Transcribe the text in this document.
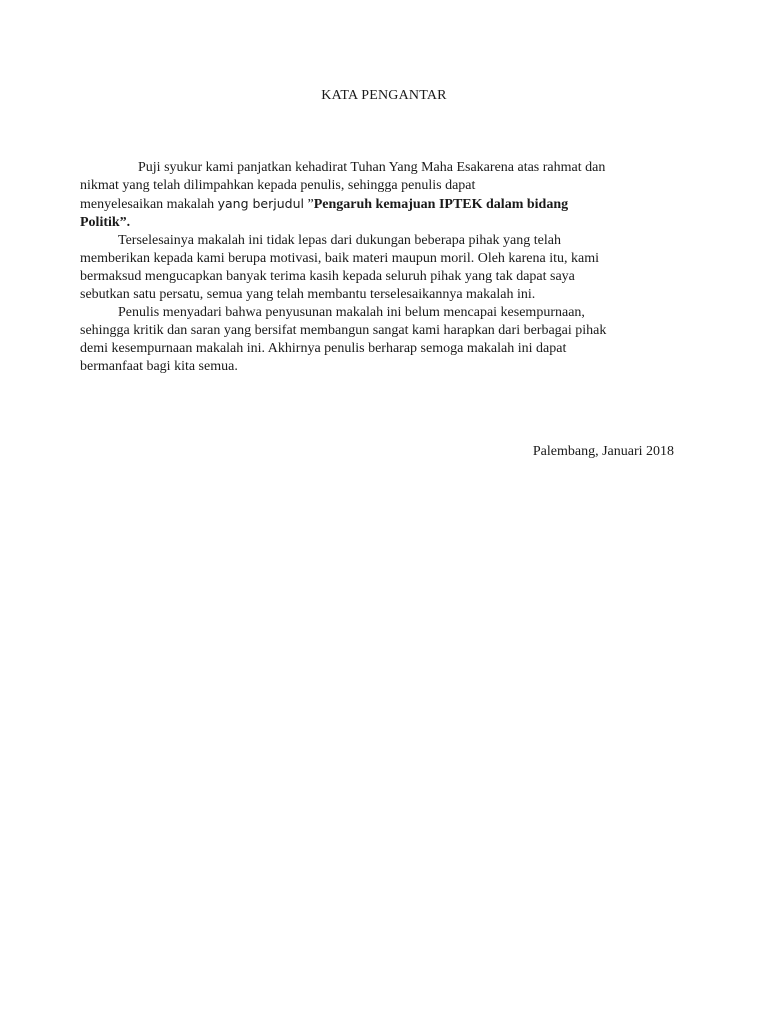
KATA PENGANTAR
Puji syukur kami panjatkan kehadirat Tuhan Yang Maha Esakarena atas rahmat dan
nikmat yang telah dilimpahkan kepada penulis, sehingga penulis dapat
menyelesaikan makalah yang berjudul ”Pengaruh kemajuan IPTEK dalam bidang
Politik”.
Terselesainya makalah ini tidak lepas dari dukungan beberapa pihak yang telah
memberikan kepada kami berupa motivasi, baik materi maupun moril. Oleh karena itu, kami
bermaksud mengucapkan banyak terima kasih kepada seluruh pihak yang tak dapat saya
sebutkan satu persatu, semua yang telah membantu terselesaikannya makalah ini.
Penulis menyadari bahwa penyusunan makalah ini belum mencapai kesempurnaan,
sehingga kritik dan saran yang bersifat membangun sangat kami harapkan dari berbagai pihak
demi kesempurnaan makalah ini. Akhirnya penulis berharap semoga makalah ini dapat
bermanfaat bagi kita semua.
Palembang, Januari 2018
